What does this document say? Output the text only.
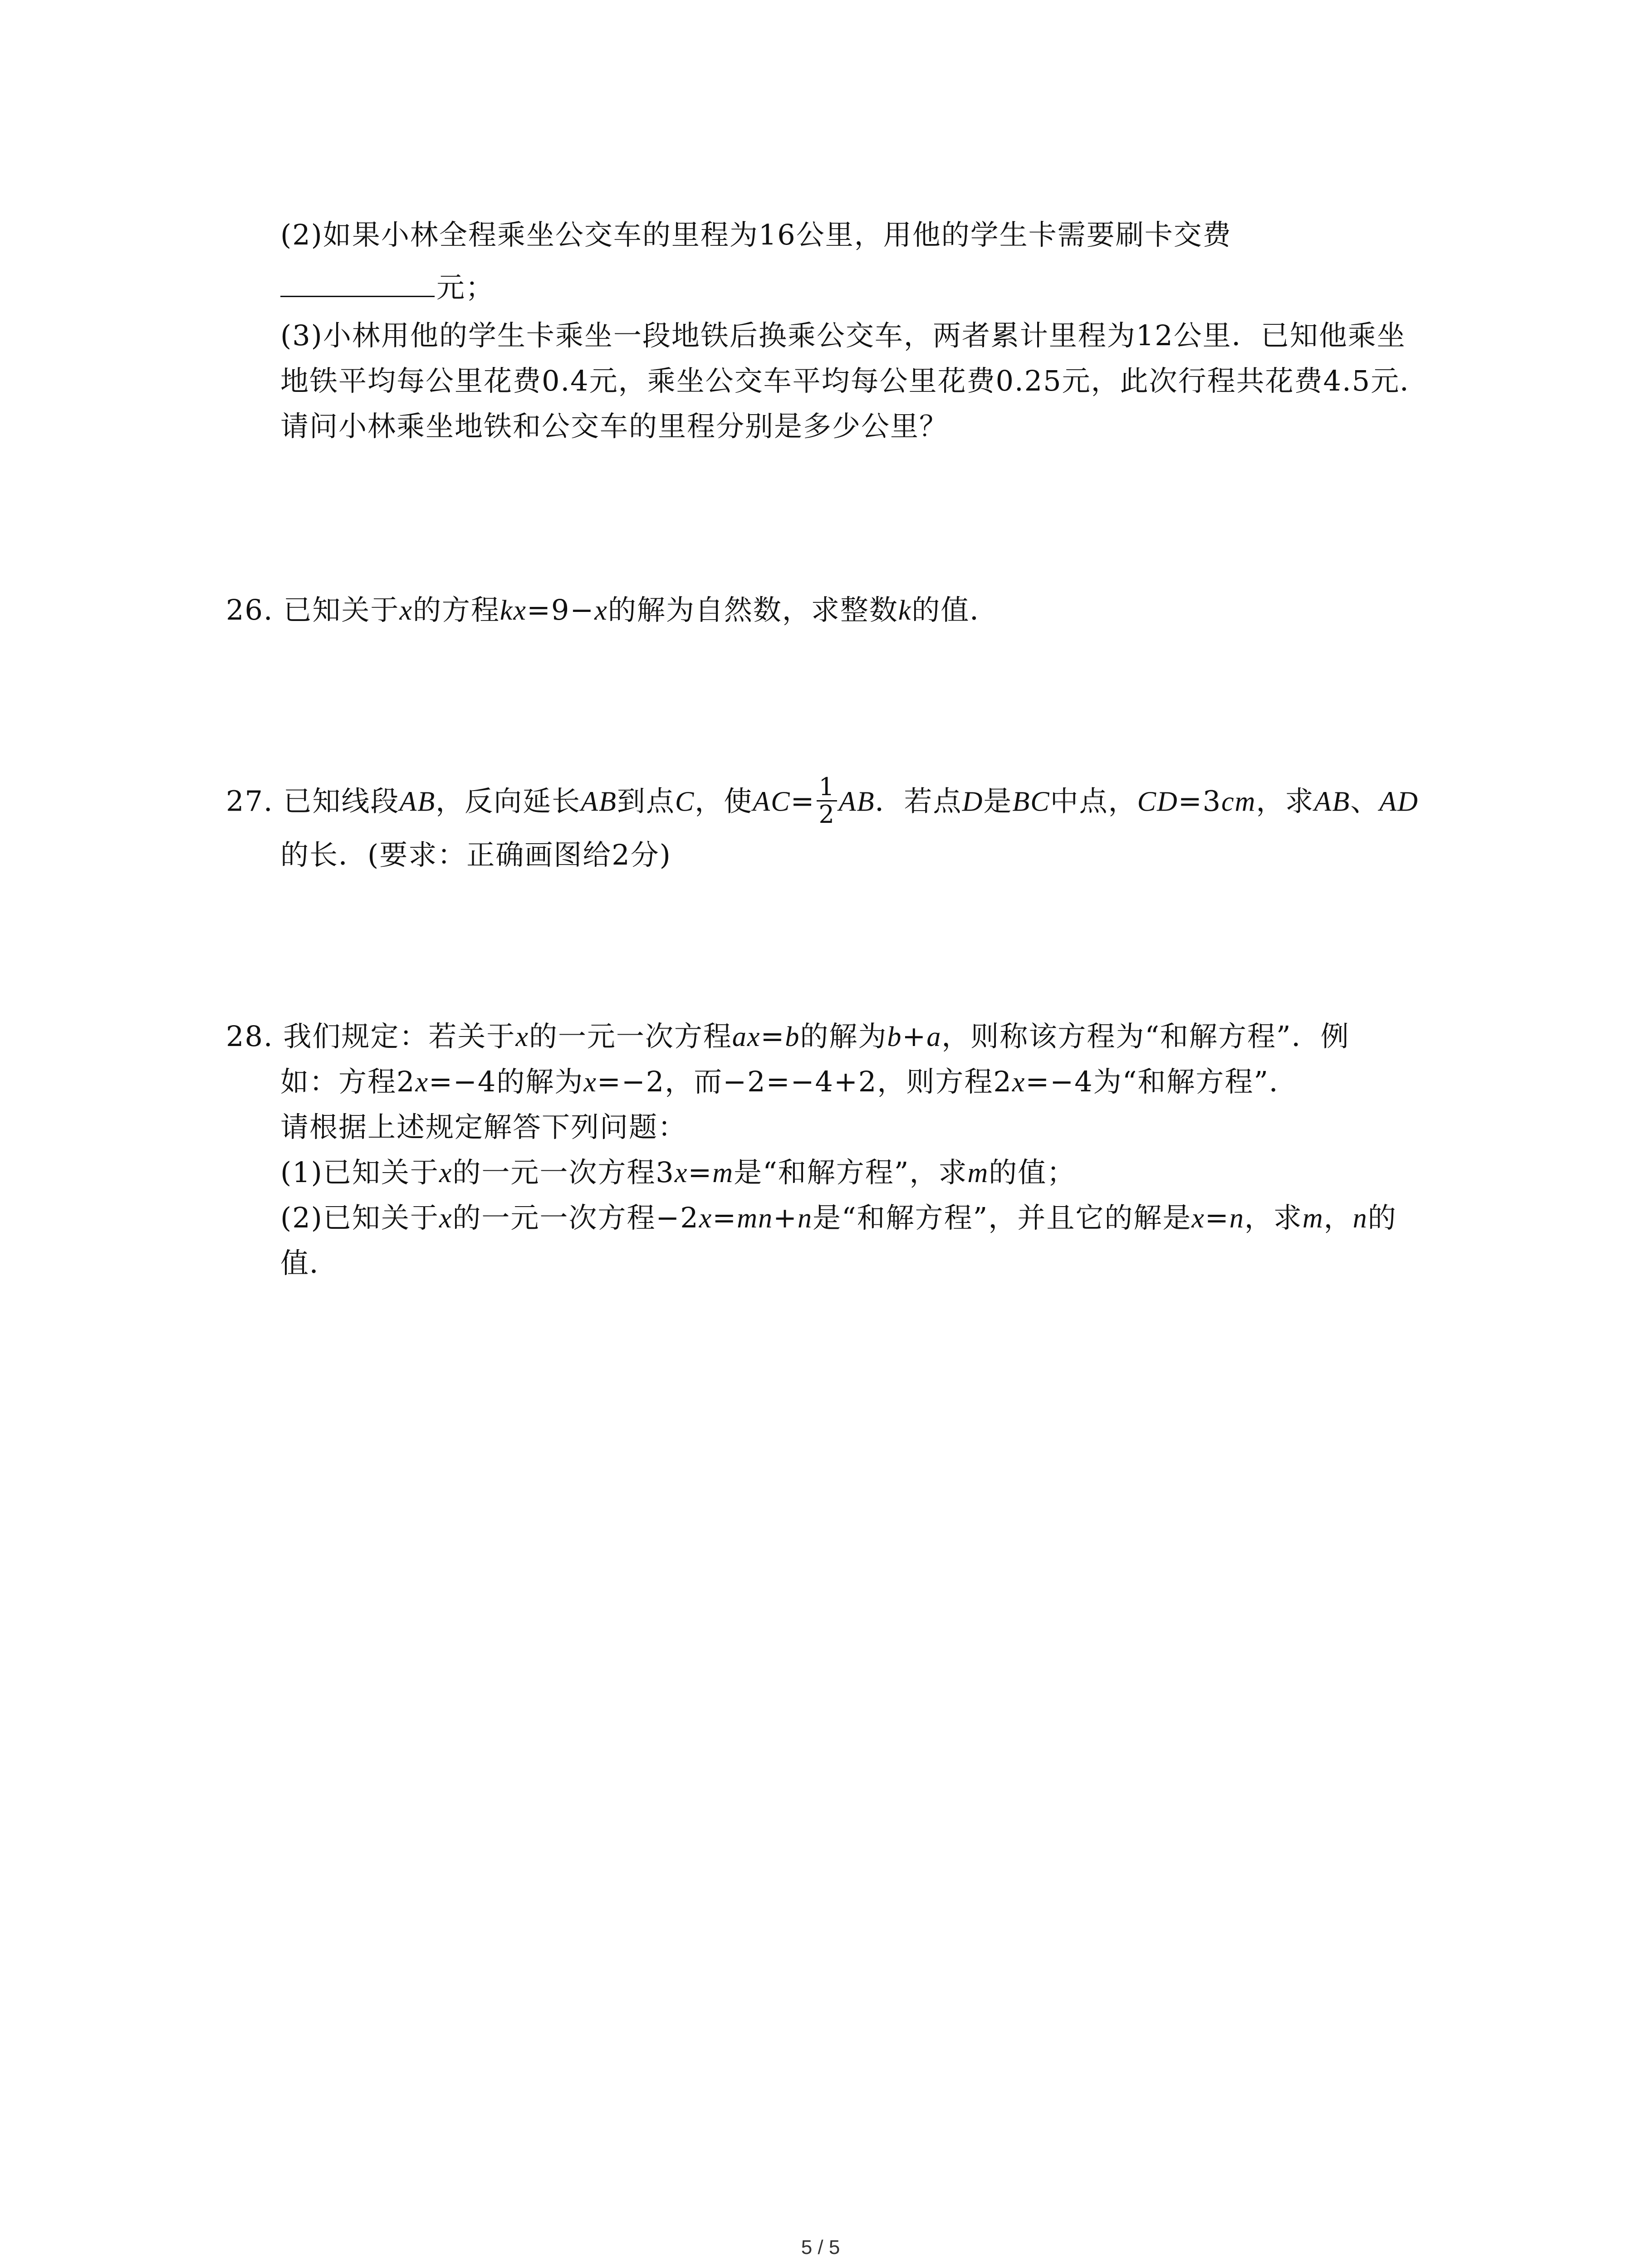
(2)如果小林全程乘坐公交车的里程为16公里，用他的学生卡需要刷卡交费
元；
(3)小林用他的学生卡乘坐一段地铁后换乘公交车，两者累计里程为12公里．已知他乘坐
地铁平均每公里花费0.4元，乘坐公交车平均每公里花费0.25元，此次行程共花费4.5元．
请问小林乘坐地铁和公交车的里程分别是多少公里？
26. 已知关于x的方程kx=9−x的解为自然数，求整数k的值．
27. 已知线段AB，反向延长AB到点C，使$AC= \frac{1}{2}$ AB．若点D是BC中点，CD=3cm，求AB、AD
的长．(要求：正确画图给2分)
28. 我们规定：若关于x的一元一次方程ax=b的解为b+a，则称该方程为“和解方程”．例
如：方程2x=−4的解为x=−2，而−2=−4+2，则方程2x=−4为“和解方程”．
请根据上述规定解答下列问题：
(1)已知关于x的一元一次方程3x=m是“和解方程”，求m的值；
(2)已知关于x的一元一次方程−2x=mn+n是“和解方程”，并且它的解是x=n，求m，n的
值．
5 / 5
